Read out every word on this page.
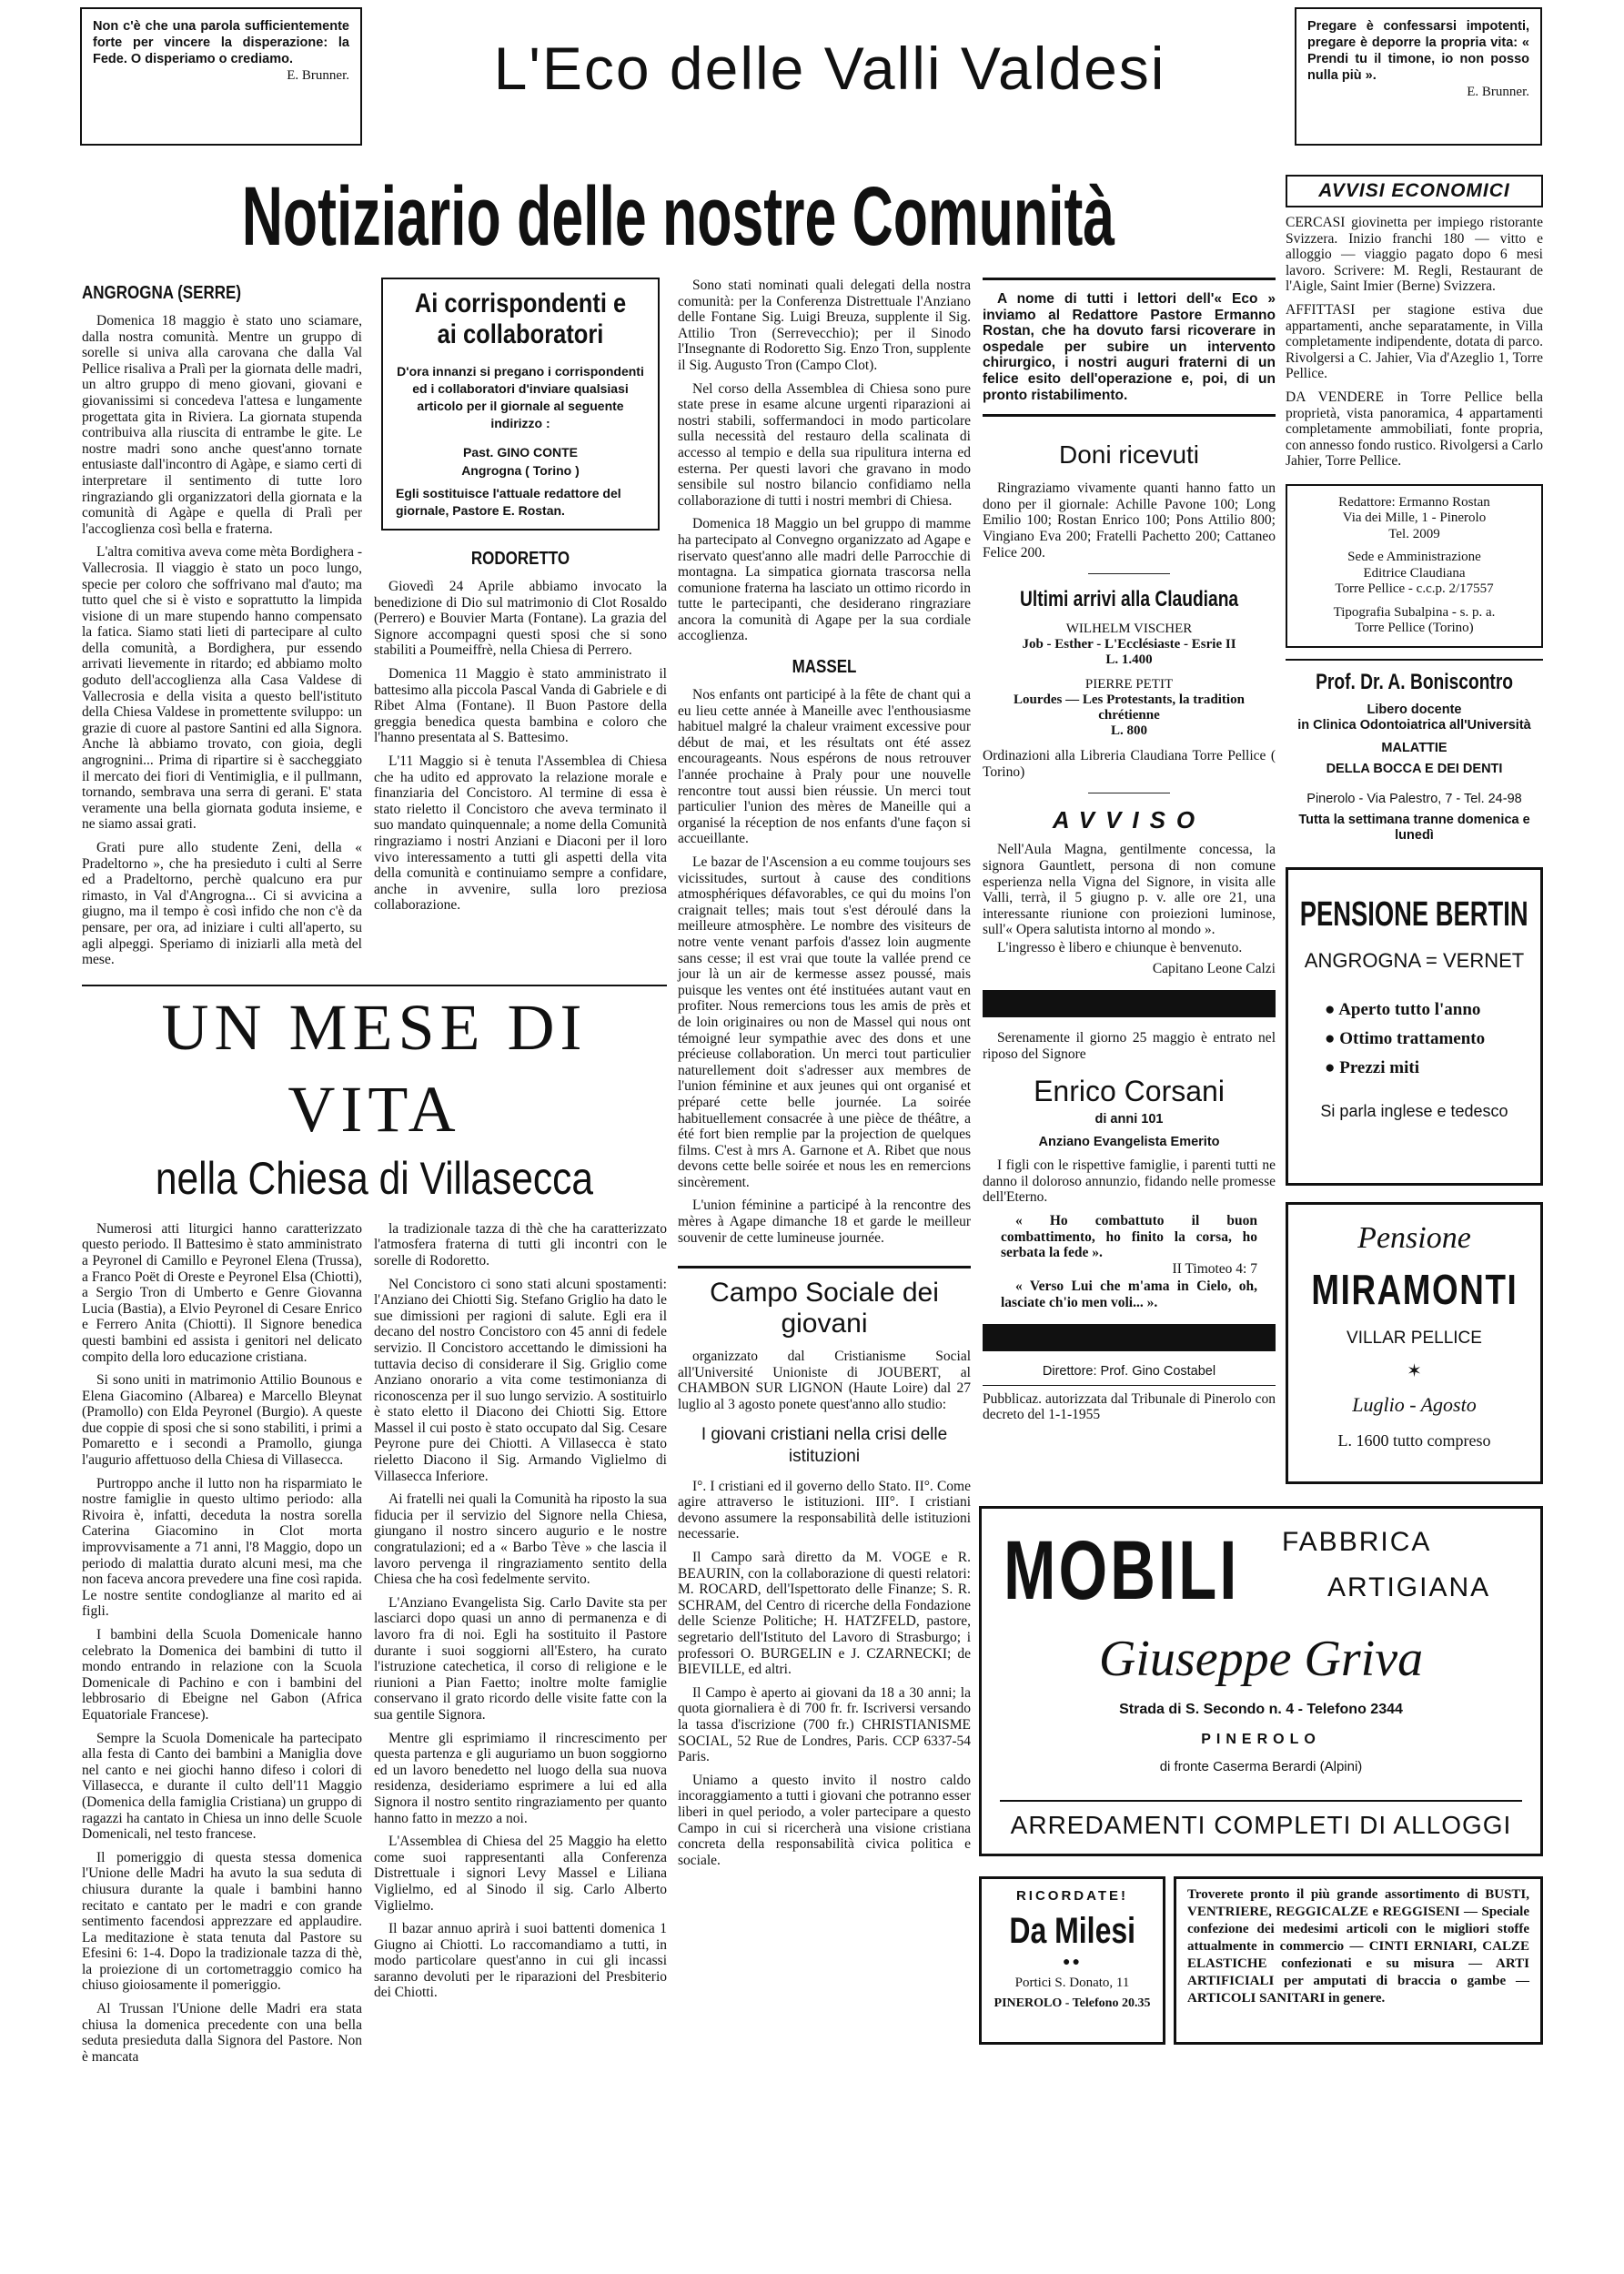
Non c'è che una parola sufficientemente forte per vincere la disperazione: la Fede. O disperiamo o crediamo.
E. Brunner.	L'Eco delle Valli Valdesi
Pregare è confessarsi impotenti, pregare è deporre la propria vita: « Prendi tu il timone, io non posso nulla più ».
E. Brunner.
Notiziario delle nostre Comunità
ANGROGNA (SERRE)

Domenica 18 maggio è stato uno sciamare, dalla nostra comunità. Mentre un gruppo di sorelle si univa alla carovana che dalla Val Pellice risaliva a Pralì per la giornata delle madri, un altro gruppo di meno giovani, giovani e giovanissimi si concedeva l'attesa e lungamente progettata gita in Riviera. La giornata stupenda contribuiva alla riuscita di entrambe le gite. Le nostre madri sono anche quest'anno tornate entusiaste dall'incontro di Agàpe, e siamo certi di interpretare il sentimento di tutte loro ringraziando gli organizzatori della giornata e la comunità di Agàpe e quella di Pralì per l'accoglienza così bella e fraterna.

L'altra comitiva aveva come mèta Bordighera - Vallecrosia. Il viaggio è stato un poco lungo, specie per coloro che soffrivano mal d'auto; ma tutto quel che si è visto e soprattutto la limpida visione di un mare stupendo hanno compensato la fatica. Siamo stati lieti di partecipare al culto della comunità, a Bordighera, pur essendo arrivati lievemente in ritardo; ed abbiamo molto goduto dell'accoglienza alla Casa Valdese di Vallecrosia e della visita a questo bell'istituto della Chiesa Valdese in promettente sviluppo: un grazie di cuore al pastore Santini ed alla Signora. Anche là abbiamo trovato, con gioia, degli angrognini... Prima di ripartire si è saccheggiato il mercato dei fiori di Ventimiglia, e il pullmann, tornando, sembrava una serra di gerani. E' stata veramente una bella giornata goduta insieme, e ne siamo assai grati.

Grati pure allo studente Zeni, della « Pradeltorno », che ha presieduto i culti al Serre ed a Pradeltorno, perchè qualcuno era pur rimasto, in Val d'Angrogna... Ci si avvicina a giugno, ma il tempo è così infido che non c'è da pensare, per ora, ad iniziare i culti all'aperto, su agli alpeggi. Speriamo di iniziarli alla metà del mese.

Ai corrispondenti e ai collaboratori
D'ora innanzi si pregano i corrispondenti ed i collaboratori d'inviare qualsiasi articolo per il giornale al seguente indirizzo :
Past. GINO CONTE
Angrogna ( Torino )
Egli sostituisce l'attuale redattore del giornale, Pastore E. Rostan.
RODORETTO

Giovedì 24 Aprile abbiamo invocato la benedizione di Dio sul matrimonio di Clot Rosaldo (Perrero) e Bouvier Marta (Fontane). La grazia del Signore accompagni questi sposi che si sono stabiliti a Poumeiffrè, nella Chiesa di Perrero.

Domenica 11 Maggio è stato amministrato il battesimo alla piccola Pascal Vanda di Gabriele e di Ribet Alma (Fontane). Il Buon Pastore della greggia benedica questa bambina e coloro che l'hanno presentata al S. Battesimo.

L'11 Maggio si è tenuta l'Assemblea di Chiesa che ha udito ed approvato la relazione morale e finanziaria del Concistoro. Al termine di essa è stato rieletto il Concistoro che aveva terminato il suo mandato quinquennale; a nome della Comunità ringraziamo i nostri Anziani e Diaconi per il loro vivo interessamento a tutti gli aspetti della vita della comunità e continuiamo sempre a confidare, anche in avvenire, sulla loro preziosa collaborazione.

UN MESE DI VITA
nella Chiesa di Villasecca

Numerosi atti liturgici hanno caratterizzato questo periodo. Il Battesimo è stato amministrato a Peyronel di Camillo e Peyronel Elena (Trussa), a Franco Poët di Oreste e Peyronel Elsa (Chiotti), a Sergio Tron di Umberto e Genre Giovanna Lucia (Bastia), a Elvio Peyronel di Cesare Enrico e Ferrero Anita (Chiotti). Il Signore benedica questi bambini ed assista i genitori nel delicato compito della loro educazione cristiana.

Si sono uniti in matrimonio Attilio Bounous e Elena Giacomino (Albarea) e Marcello Bleynat (Pramollo) con Elda Peyronel (Burgio). A queste due coppie di sposi che si sono stabiliti, i primi a Pomaretto e i secondi a Pramollo, giunga l'augurio affettuoso della Chiesa di Villasecca.

Purtroppo anche il lutto non ha risparmiato le nostre famiglie in questo ultimo periodo: alla Rivoira è, infatti, deceduta la nostra sorella Caterina Giacomino in Clot morta improvvisamente a 71 anni, l'8 Maggio, dopo un periodo di malattia durato alcuni mesi, ma che non faceva ancora prevedere una fine così rapida. Le nostre sentite condoglianze al marito ed ai figli.

I bambini della Scuola Domenicale hanno celebrato la Domenica dei bambini di tutto il mondo entrando in relazione con la Scuola Domenicale di Pachino e con i bambini del lebbrosario di Ebeigne nel Gabon (Africa Equatoriale Francese).

Sempre la Scuola Domenicale ha partecipato alla festa di Canto dei bambini a Maniglia dove nel canto e nei giochi hanno difeso i colori di Villasecca, e durante il culto dell'11 Maggio (Domenica della famiglia Cristiana) un gruppo di ragazzi ha cantato in Chiesa un inno delle Scuole Domenicali, nel testo francese.

Il pomeriggio di questa stessa domenica l'Unione delle Madri ha avuto la sua seduta di chiusura durante la quale i bambini hanno recitato e cantato per le madri e con grande sentimento facendosi apprezzare ed applaudire. La meditazione è stata tenuta dal Pastore su Efesini 6: 1-4. Dopo la tradizionale tazza di thè, la proiezione di un cortometraggio comico ha chiuso gioiosamente il pomeriggio.

Al Trussan l'Unione delle Madri era stata chiusa la domenica precedente con una bella seduta presieduta dalla Signora del Pastore. Non è mancata

la tradizionale tazza di thè che ha caratterizzato l'atmosfera fraterna di tutti gli incontri con le sorelle di Rodoretto.

Nel Concistoro ci sono stati alcuni spostamenti: l'Anziano dei Chiotti Sig. Stefano Griglio ha dato le sue dimissioni per ragioni di salute. Egli era il decano del nostro Concistoro con 45 anni di fedele servizio. Il Concistoro accettando le dimissioni ha tuttavia deciso di considerare il Sig. Griglio come Anziano onorario a vita come testimonianza di riconoscenza per il suo lungo servizio. A sostituirlo è stato eletto il Diacono dei Chiotti Sig. Ettore Massel il cui posto è stato occupato dal Sig. Cesare Peyrone pure dei Chiotti. A Villasecca è stato rieletto Diacono il Sig. Armando Viglielmo di Villasecca Inferiore.

Ai fratelli nei quali la Comunità ha riposto la sua fiducia per il servizio del Signore nella Chiesa, giungano il nostro sincero augurio e le nostre congratulazioni; ed a « Barbo Tève » che lascia il lavoro pervenga il ringraziamento sentito della Chiesa che ha così fedelmente servito.

L'Anziano Evangelista Sig. Carlo Davite sta per lasciarci dopo quasi un anno di permanenza e di lavoro fra di noi. Egli ha sostituito il Pastore durante i suoi soggiorni all'Estero, ha curato l'istruzione catechetica, il corso di religione e le riunioni a Pian Faetto; inoltre molte famiglie conservano il grato ricordo delle visite fatte con la sua gentile Signora.

Mentre gli esprimiamo il rincrescimento per questa partenza e gli auguriamo un buon soggiorno ed un lavoro benedetto nel luogo della sua nuova residenza, desideriamo esprimere a lui ed alla Signora il nostro sentito ringraziamento per quanto hanno fatto in mezzo a noi.

L'Assemblea di Chiesa del 25 Maggio ha eletto come suoi rappresentanti alla Conferenza Distrettuale i signori Levy Massel e Liliana Viglielmo, ed al Sinodo il sig. Carlo Alberto Viglielmo.

Il bazar annuo aprirà i suoi battenti domenica 1 Giugno ai Chiotti. Lo raccomandiamo a tutti, in modo particolare quest'anno in cui gli incassi saranno devoluti per le riparazioni del Presbiterio dei Chiotti.

Sono stati nominati quali delegati della nostra comunità: per la Conferenza Distrettuale l'Anziano delle Fontane Sig. Luigi Breuza, supplente il Sig. Attilio Tron (Serrevecchio); per il Sinodo l'Insegnante di Rodoretto Sig. Enzo Tron, supplente il Sig. Augusto Tron (Campo Clot).

Nel corso della Assemblea di Chiesa sono pure state prese in esame alcune urgenti riparazioni ai nostri stabili, soffermandoci in modo particolare sulla necessità del restauro della scalinata di accesso al tempio e della sua ripulitura interna ed esterna. Per questi lavori che gravano in modo sensibile sul nostro bilancio confidiamo nella collaborazione di tutti i nostri membri di Chiesa.

Domenica 18 Maggio un bel gruppo di mamme ha partecipato al Convegno organizzato ad Agape e riservato quest'anno alle madri delle Parrocchie di montagna. La simpatica giornata trascorsa nella comunione fraterna ha lasciato un ottimo ricordo in tutte le partecipanti, che desiderano ringraziare ancora la comunità di Agape per la sua cordiale accoglienza.

MASSEL

Nos enfants ont participé à la fête de chant qui a eu lieu cette année à Maneille avec l'enthousiasme habituel malgré la chaleur vraiment excessive pour début de mai, et les résultats ont été assez encourageants. Nous espérons de nous retrouver l'année prochaine à Praly pour une nouvelle rencontre tout aussi bien réussie. Un merci tout particulier l'union des mères de Maneille qui a organisé la réception de nos enfants d'une façon si accueillante.

Le bazar de l'Ascension a eu comme toujours ses vicissitudes, surtout à cause des conditions atmosphériques défavorables, ce qui du moins l'on craignait telles; mais tout s'est déroulé dans la meilleure atmosphère. Le nombre des visiteurs de notre vente venant parfois d'assez loin augmente sans cesse; il est vrai que toute la vallée prend ce jour là un air de kermesse assez poussé, mais puisque les ventes ont été instituées autant vaut en profiter. Nous remercions tous les amis de près et de loin originaires ou non de Massel qui nous ont témoigné leur sympathie avec des dons et une précieuse collaboration. Un merci tout particulier naturellement doit s'adresser aux membres de l'union féminine et aux jeunes qui ont organisé et préparé cette belle journée. La soirée habituellement consacrée à une pièce de théâtre, a été fort bien remplie par la projection de quelques films. C'est à mrs A. Garnone et A. Ribet que nous devons cette belle soirée et nous les en remercions sincèrement.

L'union féminine a participé à la rencontre des mères à Agape dimanche 18 et garde le meilleur souvenir de cette lumineuse journée.

Campo Sociale dei giovani

organizzato dal Cristianisme Social all'Université Unioniste di JOUBERT, al CHAMBON SUR LIGNON (Haute Loire) dal 27 luglio al 3 agosto ponete quest'anno allo studio:

I giovani cristiani nella crisi delle istituzioni

I°. I cristiani ed il governo dello Stato. II°. Come agire attraverso le istituzioni. III°. I cristiani devono assumere la responsabilità delle istituzioni necessarie.

Il Campo sarà diretto da M. VOGE e R. BEAURIN, con la collaborazione di questi relatori: M. ROCARD, dell'Ispettorato delle Finanze; S. R. SCHRAM, del Centro di ricerche della Fondazione delle Scienze Politiche; H. HATZFELD, pastore, segretario dell'Istituto del Lavoro di Strasburgo; i professori O. BURGELIN e J. CZARNECKI; de BIEVILLE, ed altri.

Il Campo è aperto ai giovani da 18 a 30 anni; la quota giornaliera è di 700 fr. fr. Iscriversi versando la tassa d'iscrizione (700 fr.) CHRISTIANISME SOCIAL, 52 Rue de Londres, Paris. CCP 6337-54 Paris.

Uniamo a questo invito il nostro caldo incoraggiamento a tutti i giovani che potranno esser liberi in quel periodo, a voler partecipare a questo Campo in cui si ricercherà una visione cristiana concreta della responsabilità civica politica e sociale.

A nome di tutti i lettori dell'« Eco » inviamo al Redattore Pastore Ermanno Rostan, che ha dovuto farsi ricoverare in ospedale per subire un intervento chirurgico, i nostri auguri fraterni di un felice esito dell'operazione e, poi, di un pronto ristabilimento.

Doni ricevuti

Ringraziamo vivamente quanti hanno fatto un dono per il giornale: Achille Pavone 100; Long Emilio 100; Rostan Enrico 100; Pons Attilio 800; Vingiano Eva 200; Fratelli Pachetto 200; Cattaneo Felice 200.

Ultimi arrivi alla Claudiana
WILHELM VISCHER
Job - Esther - L'Ecclésiaste - Esrie II
L. 1.400
PIERRE PETIT
Lourdes — Les Protestants, la tradition chrétienne
L. 800

Ordinazioni alla Libreria Claudiana Torre Pellice ( Torino)

AVVISO

Nell'Aula Magna, gentilmente concessa, la signora Gauntlett, persona di non comune esperienza nella Vigna del Signore, in visita alle Valli, terrà, il 5 giugno p. v. alle ore 21, una interessante riunione con proiezioni luminose, sull'« Opera salutista intorno al mondo ».

L'ingresso è libero e chiunque è benvenuto.

Capitano Leone Calzi

Serenamente il giorno 25 maggio è entrato nel riposo del Signore

Enrico Corsani
di anni 101
Anziano Evangelista Emerito

I figli con le rispettive famiglie, i parenti tutti ne danno il doloroso annunzio, fidando nelle promesse dell'Eterno.

« Ho combattuto il buon combattimento, ho finito la corsa, ho serbata la fede ».

II Timoteo 4: 7

« Verso Lui che m'ama in Cielo, oh, lasciate ch'io men voli... ».

Direttore: Prof. Gino Costabel

Pubblicaz. autorizzata dal Tribunale di Pinerolo con decreto del 1-1-1955

AVVISI ECONOMICI

CERCASI giovinetta per impiego ristorante Svizzera. Inizio franchi 180 — vitto e alloggio — viaggio pagato dopo 6 mesi lavoro. Scrivere: M. Regli, Restaurant de l'Aigle, Saint Imier (Berne) Svizzera.

AFFITTASI per stagione estiva due appartamenti, anche separatamente, in Villa completamente indipendente, dotata di parco. Rivolgersi a C. Jahier, Via d'Azeglio 1, Torre Pellice.

DA VENDERE in Torre Pellice bella proprietà, vista panoramica, 4 appartamenti completamente ammobiliati, fonte propria, con annesso fondo rustico. Rivolgersi a Carlo Jahier, Torre Pellice.

Redattore: Ermanno Rostan
Via dei Mille, 1 - Pinerolo
Tel. 2009
Sede e Amministrazione
Editrice Claudiana
Torre Pellice - c.c.p. 2/17557
Tipografia Subalpina - s. p. a.
Torre Pellice (Torino)
Prof. Dr. A. Boniscontro
Libero docente
in Clinica Odontoiatrica all'Università
MALATTIE
DELLA BOCCA E DEI DENTI
Pinerolo - Via Palestro, 7 - Tel. 24-98
Tutta la settimana tranne domenica e lunedì
PENSIONE BERTIN
ANGROGNA = VERNET
● Aperto tutto l'anno
● Ottimo trattamento
● Prezzi miti
Si parla inglese e tedesco
Pensione
MIRAMONTI
VILLAR PELLICE
✶
Luglio - Agosto
L. 1600 tutto compreso
MOBILI FABBRICA
ARTIGIANA
Giuseppe Griva
Strada di S. Secondo n. 4 - Telefono 2344
PINEROLO
di fronte Caserma Berardi (Alpini)
ARREDAMENTI COMPLETI DI ALLOGGI
RICORDATE!
Da Milesi
●●
Portici S. Donato, 11
PINEROLO - Telefono 20.35
Troverete pronto il più grande assortimento di BUSTI, VENTRIERE, REGGICALZE e REGGISENI — Speciale confezione dei medesimi articoli con le migliori stoffe attualmente in commercio — CINTI ERNIARI, CALZE ELASTICHE confezionati e su misura — ARTI ARTIFICIALI per amputati di braccia o gambe — ARTICOLI SANITARI in genere.
